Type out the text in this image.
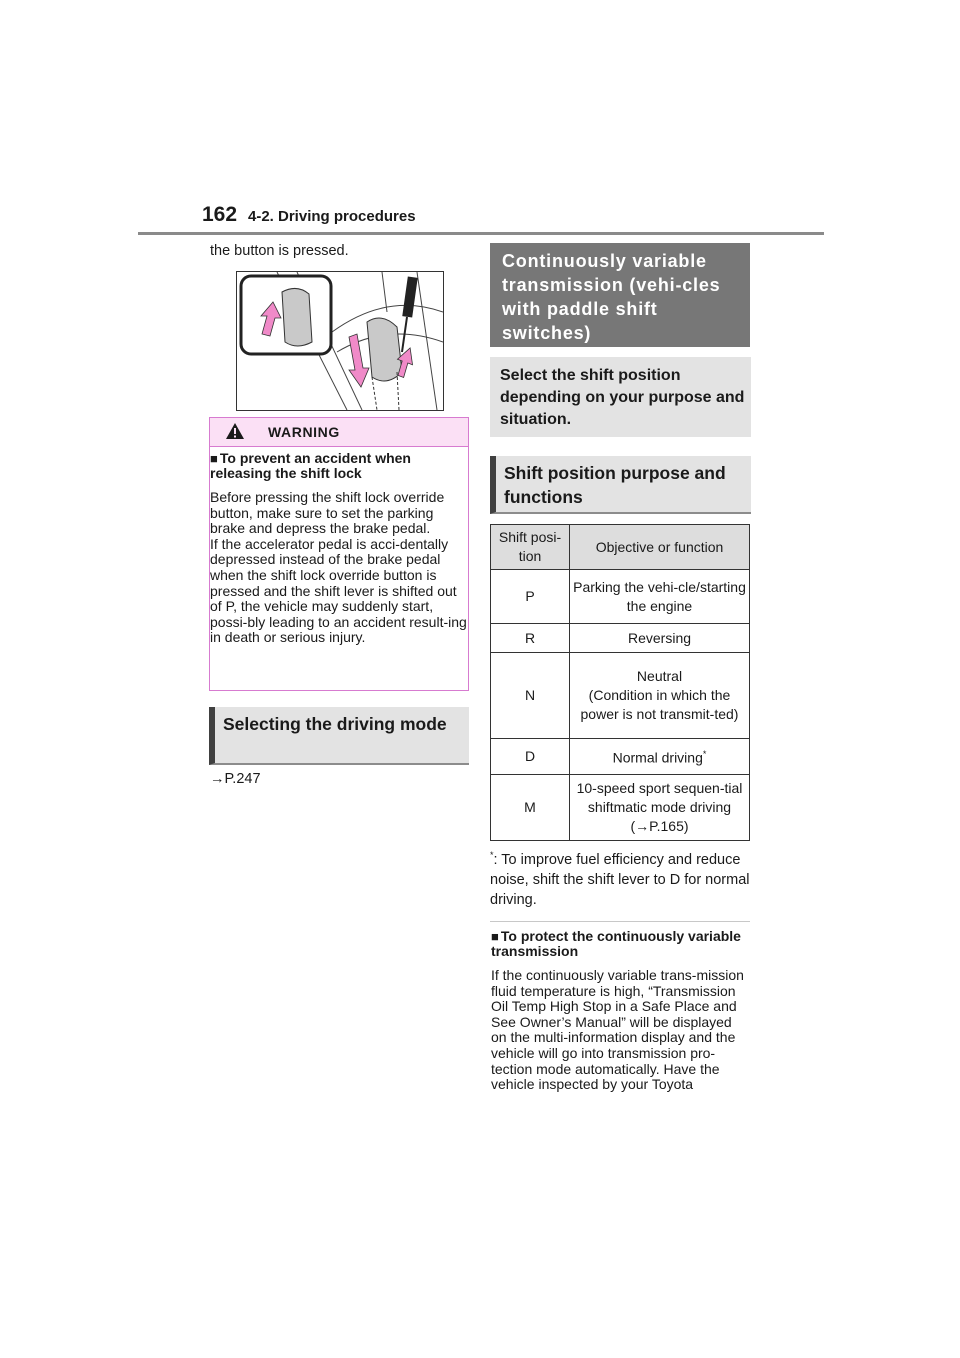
162 4-2. Driving procedures
the button is pressed.
WARNING
■ To prevent an accident when releasing the shift lock
Before pressing the shift lock override button, make sure to set the parking brake and depress the brake pedal.
If the accelerator pedal is acci-dentally depressed instead of the brake pedal when the shift lock override button is pressed and the shift lever is shifted out of P, the vehicle may suddenly start, possi-bly leading to an accident result-ing in death or serious injury.
Selecting the driving mode
→P.247
Continuously variable transmission (vehi-cles with paddle shift switches)
Select the shift position depending on your purpose and situation.
Shift position purpose and functions
Shift posi-tion	Objective or function
P	Parking the vehi-cle/starting the engine
R	Reversing
N	Neutral
(Condition in which the power is not transmit-ted)
D	Normal driving*
M	10-speed sport sequen-tial shiftmatic mode driving (→P.165)
*: To improve fuel efficiency and reduce noise, shift the shift lever to D for normal driving.
■ To protect the continuously variable transmission
If the continuously variable trans-mission fluid temperature is high, “Transmission Oil Temp High Stop in a Safe Place and See Owner’s Manual” will be displayed on the multi-information display and the vehicle will go into transmission pro-tection mode automatically. Have the vehicle inspected by your Toyota
